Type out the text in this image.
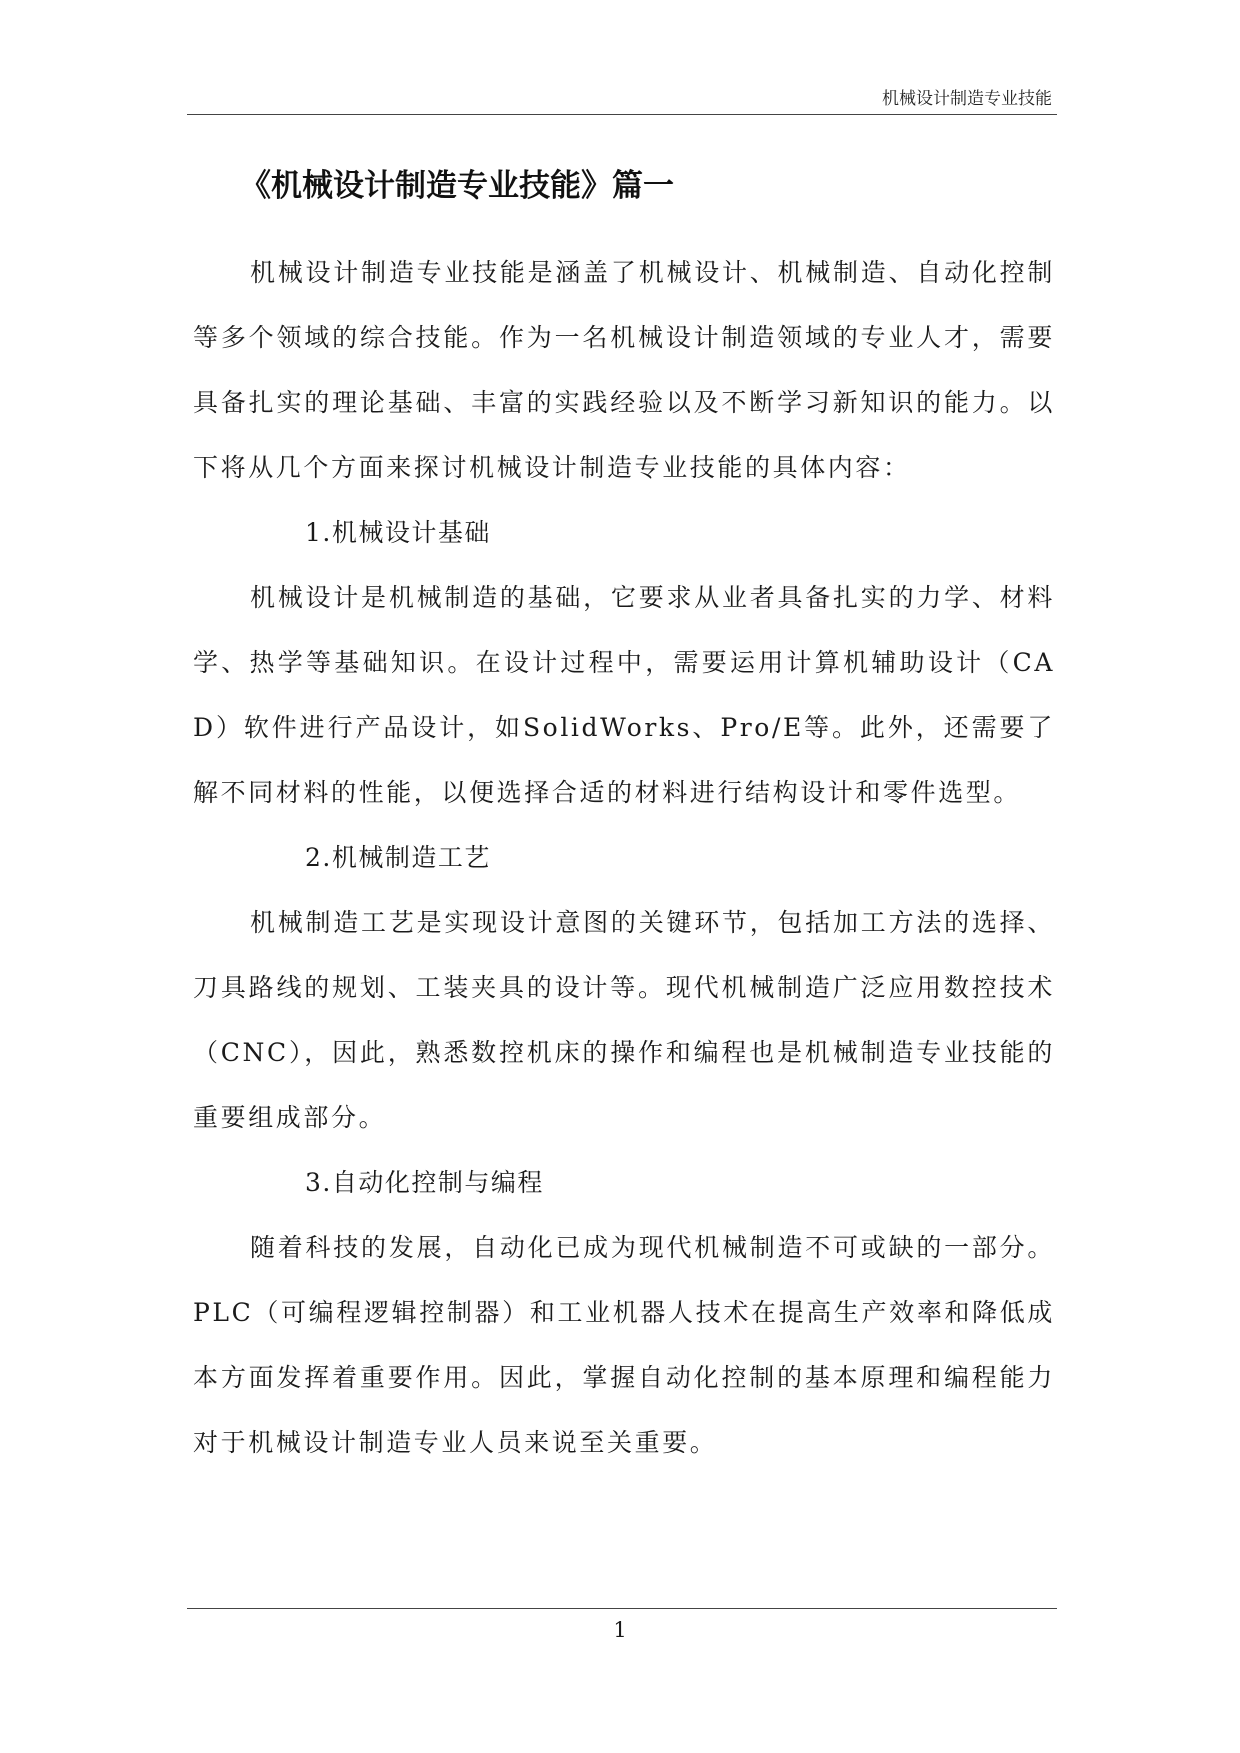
机械设计制造专业技能
《机械设计制造专业技能》篇一

机械设计制造专业技能是涵盖了机械设计、机械制造、自动化控制等多个领域的综合技能。作为一名机械设计制造领域的专业人才，需要具备扎实的理论基础、丰富的实践经验以及不断学习新知识的能力。以下将从几个方面来探讨机械设计制造专业技能的具体内容：

1.机械设计基础

机械设计是机械制造的基础，它要求从业者具备扎实的力学、材料学、热学等基础知识。在设计过程中，需要运用计算机辅助设计（CAD）软件进行产品设计，如SolidWorks、Pro/E等。此外，还需要了解不同材料的性能，以便选择合适的材料进行结构设计和零件选型。

2.机械制造工艺

机械制造工艺是实现设计意图的关键环节，包括加工方法的选择、刀具路线的规划、工装夹具的设计等。现代机械制造广泛应用数控技术（CNC），因此，熟悉数控机床的操作和编程也是机械制造专业技能的重要组成部分。

3.自动化控制与编程

随着科技的发展，自动化已成为现代机械制造不可或缺的一部分。PLC（可编程逻辑控制器）和工业机器人技术在提高生产效率和降低成本方面发挥着重要作用。因此，掌握自动化控制的基本原理和编程能力对于机械设计制造专业人员来说至关重要。

1
